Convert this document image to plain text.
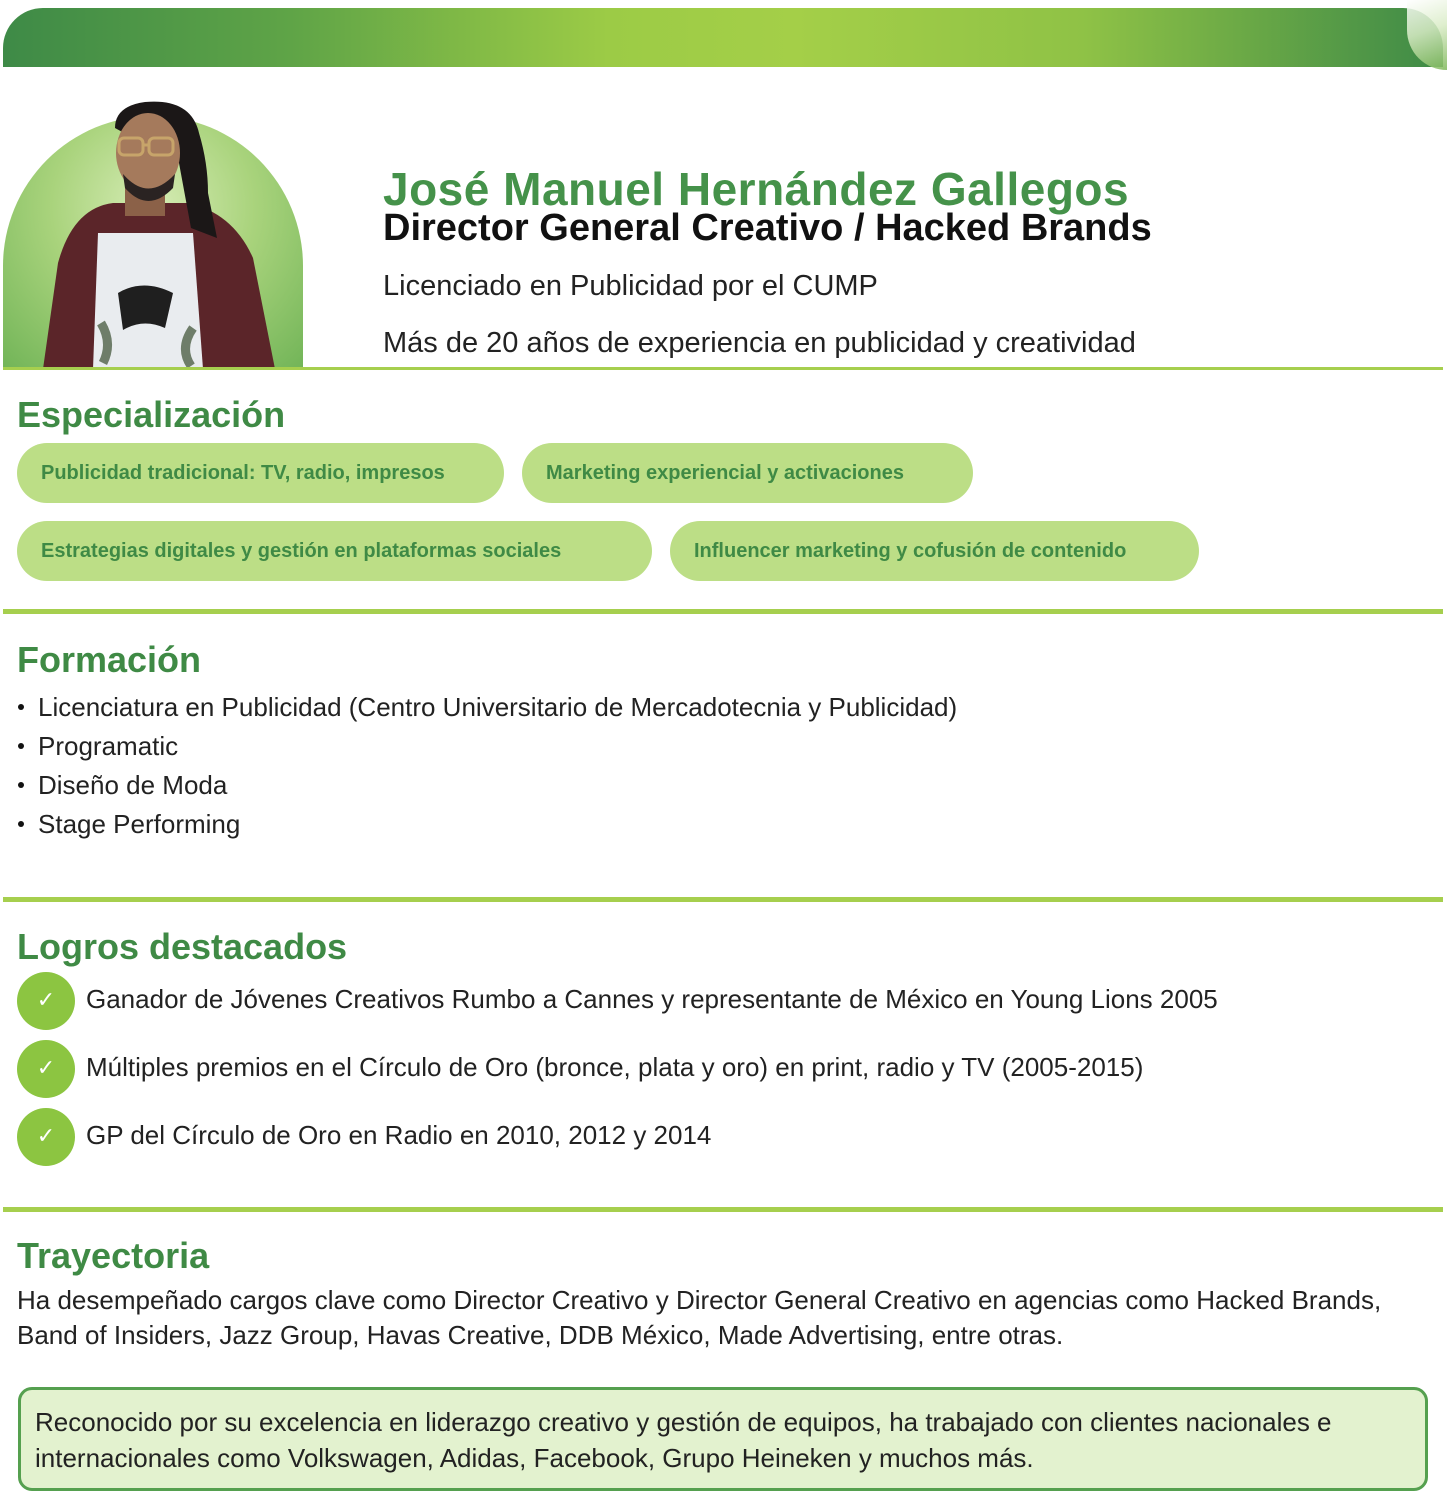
José Manuel Hernández Gallegos
Director General Creativo / Hacked Brands
Licenciado en Publicidad por el CUMP
Más de 20 años de experiencia en publicidad y creatividad
Especialización
Publicidad tradicional: TV, radio, impresos	Marketing experiencial y activaciones
Estrategias digitales y gestión en plataformas sociales	Influencer marketing y cofusión de contenido
Formación
Licenciatura en Publicidad (Centro Universitario de Mercadotecnia y Publicidad)
Programatic
Diseño de Moda
Stage Performing
Logros destacados
✓	Ganador de Jóvenes Creativos Rumbo a Cannes y representante de México en Young Lions 2005
✓	Múltiples premios en el Círculo de Oro (bronce, plata y oro) en print, radio y TV (2005-2015)
✓	GP del Círculo de Oro en Radio en 2010, 2012 y 2014
Trayectoria

Ha desempeñado cargos clave como Director Creativo y Director General Creativo en agencias como Hacked Brands, Band of Insiders, Jazz Group, Havas Creative, DDB México, Made Advertising, entre otras.

Reconocido por su excelencia en liderazgo creativo y gestión de equipos, ha trabajado con clientes nacionales e internacionales como Volkswagen, Adidas, Facebook, Grupo Heineken y muchos más.
